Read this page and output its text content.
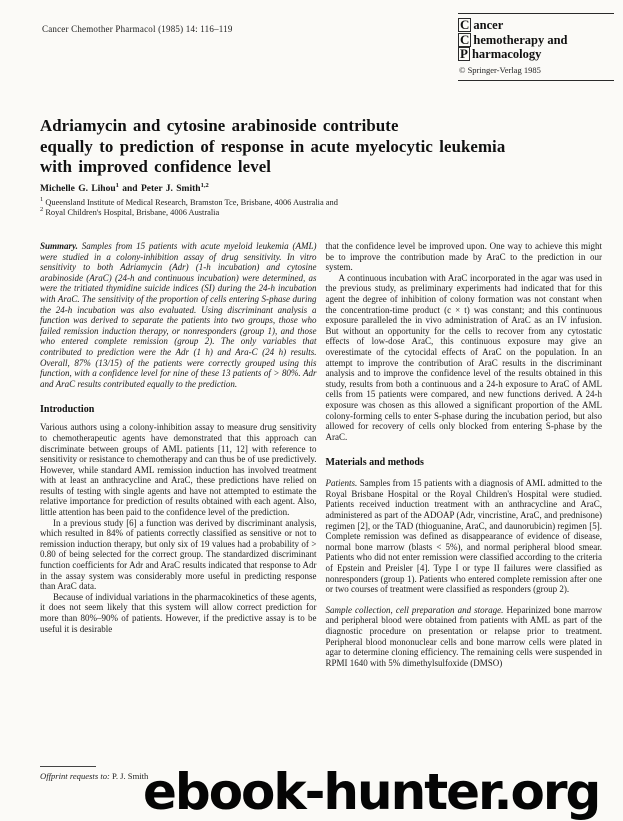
Cancer Chemother Pharmacol (1985) 14: 116–119	C ancer
C hemotherapy and
P harmacology
© Springer-Verlag 1985
Adriamycin and cytosine arabinoside contribute
equally to prediction of response in acute myelocytic leukemia
with improved confidence level
Michelle G. Lihou$^1$ and Peter J. Smith$^{1,2}$
$^1$ Queensland Institute of Medical Research, Bramston Tce, Brisbane, 4006 Australia and
$^2$ Royal Children's Hospital, Brisbane, 4006 Australia

Summary. Samples from 15 patients with acute myeloid leukemia (AML) were studied in a colony-inhibition assay of drug sensitivity. In vitro sensitivity to both Adriamycin (Adr) (1-h incubation) and cytosine arabinoside (AraC) (24-h and continuous incubation) were determined, as were the tritiated thymidine suicide indices (SI) during the 24-h incubation with AraC. The sensitivity of the proportion of cells entering S-phase during the 24-h incubation was also evaluated. Using discriminant analysis a function was derived to separate the patients into two groups, those who failed remission induction therapy, or nonresponders (group 1), and those who entered complete remission (group 2). The only variables that contributed to prediction were the Adr (1 h) and Ara-C (24 h) results. Overall, 87% (13/15) of the patients were correctly grouped using this function, with a confidence level for nine of these 13 patients of > 80%. Adr and AraC results contributed equally to the prediction.

Introduction

Various authors using a colony-inhibition assay to measure drug sensitivity to chemotherapeutic agents have demonstrated that this approach can discriminate between groups of AML patients [11, 12] with reference to sensitivity or resistance to chemotherapy and can thus be of use predictively. However, while standard AML remission induction has involved treatment with at least an anthracycline and AraC, these predictions have relied on results of testing with single agents and have not attempted to estimate the relative importance for prediction of results obtained with each agent. Also, little attention has been paid to the confidence level of the prediction.

In a previous study [6] a function was derived by discriminant analysis, which resulted in 84% of patients correctly classified as sensitive or not to remission induction therapy, but only six of 19 values had a probability of > 0.80 of being selected for the correct group. The standardized discriminant function coefficients for Adr and AraC results indicated that response to Adr in the assay system was considerably more useful in predicting response than AraC data.

Because of individual variations in the pharmacokinetics of these agents, it does not seem likely that this system will allow correct prediction for more than 80%–90% of patients. However, if the predictive assay is to be useful it is desirable

that the confidence level be improved upon. One way to achieve this might be to improve the contribution made by AraC to the prediction in our system.

A continuous incubation with AraC incorporated in the agar was used in the previous study, as preliminary experiments had indicated that for this agent the degree of inhibition of colony formation was not constant when the concentration-time product (c × t) was constant; and this continuous exposure paralleled the in vivo administration of AraC as an IV infusion. But without an opportunity for the cells to recover from any cytostatic effects of low-dose AraC, this continuous exposure may give an overestimate of the cytocidal effects of AraC on the population. In an attempt to improve the contribution of AraC results in the discriminant analysis and to improve the confidence level of the results obtained in this study, results from both a continuous and a 24-h exposure to AraC of AML cells from 15 patients were compared, and new functions derived. A 24-h exposure was chosen as this allowed a significant proportion of the AML colony-forming cells to enter S-phase during the incubation period, but also allowed for recovery of cells only blocked from entering S-phase by the AraC.

Materials and methods

Patients. Samples from 15 patients with a diagnosis of AML admitted to the Royal Brisbane Hospital or the Royal Children's Hospital were studied. Patients received induction treatment with an anthracycline and AraC, administered as part of the ADOAP (Adr, vincristine, AraC, and prednisone) regimen [2], or the TAD (thioguanine, AraC, and daunorubicin) regimen [5]. Complete remission was defined as disappearance of evidence of disease, normal bone marrow (blasts < 5%), and normal peripheral blood smear. Patients who did not enter remission were classified according to the criteria of Epstein and Preisler [4]. Type I or type II failures were classified as nonresponders (group 1). Patients who entered complete remission after one or two courses of treatment were classified as responders (group 2).

Sample collection, cell preparation and storage. Heparinized bone marrow and peripheral blood were obtained from patients with AML as part of the diagnostic procedure on presentation or relapse prior to treatment. Peripheral blood mononuclear cells and bone marrow cells were plated in agar to determine cloning efficiency. The remaining cells were suspended in RPMI 1640 with 5% dimethylsulfoxide (DMSO)

Offprint requests to: P. J. Smith
ebook-hunter.org
